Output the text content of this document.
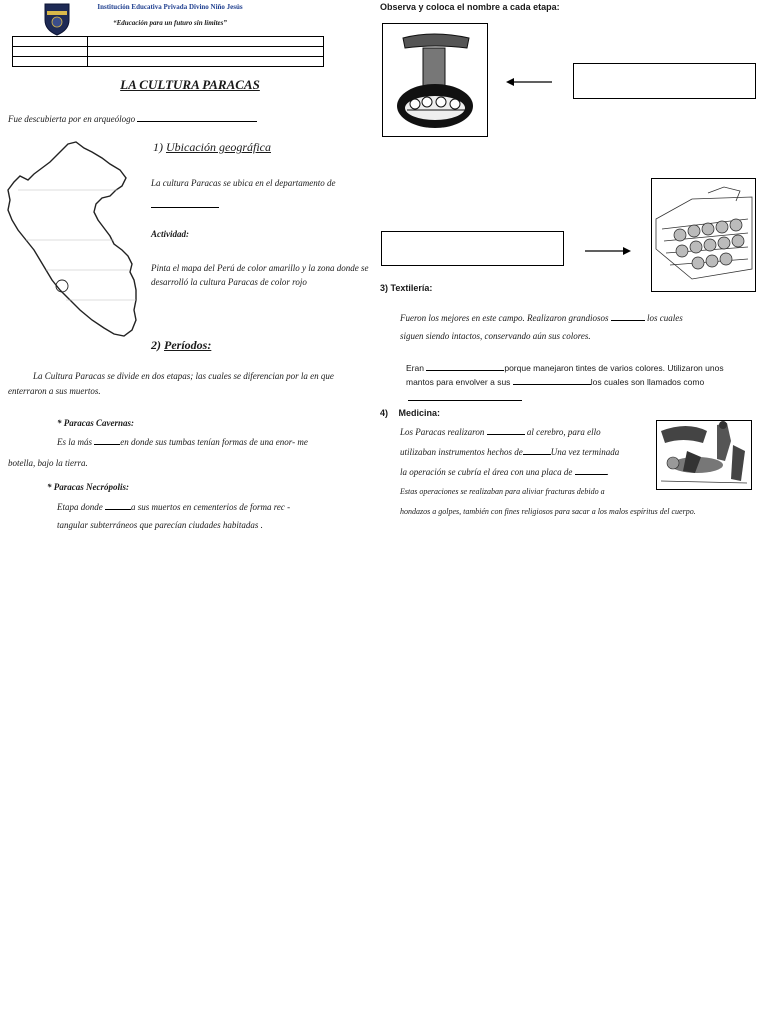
Institución Educativa Privada Divino Niño Jesús
“Educación para un futuro sin límites”

LA CULTURA PARACAS
Fue descubierta por en arqueólogo
1) Ubicación geográfica
La cultura Paracas se ubica en el departamento de
Actividad:
Pinta el mapa del Perú de color amarillo y la zona donde se desarrolló la cultura Paracas de color rojo
2) Períodos:
La Cultura Paracas se divide en dos etapas; las cuales se diferencian por la en que enterraron a sus muertos.
* Paracas Cavernas:
Es la más	en donde sus tumbas tenían formas de una enor- me
botella, bajo la tierra.
* Paracas Necrópolis:
Etapa donde	a sus muertos en cementerios de forma rec -
tangular subterráneos que parecían ciudades habitadas .
Observa y coloca el nombre a cada etapa:
3) Textilería:
Fueron los mejores en este campo. Realizaron grandiosos	los cuales
siguen siendo intactos, conservando aún sus colores.
Eran	porque manejaron tintes de varios colores. Utilizaron unos
mantos para envolver a sus	los cuales son llamados como
4) Medicina:
Los Paracas realizaron	al cerebro, para ello
utilizaban instrumentos hechos de	Una vez terminada
la operación se cubría el área con una placa de	.
Estas operaciones se realizaban para aliviar fracturas debido a
hondazos a golpes, también con fines religiosos para sacar a los malos espíritus del cuerpo.
